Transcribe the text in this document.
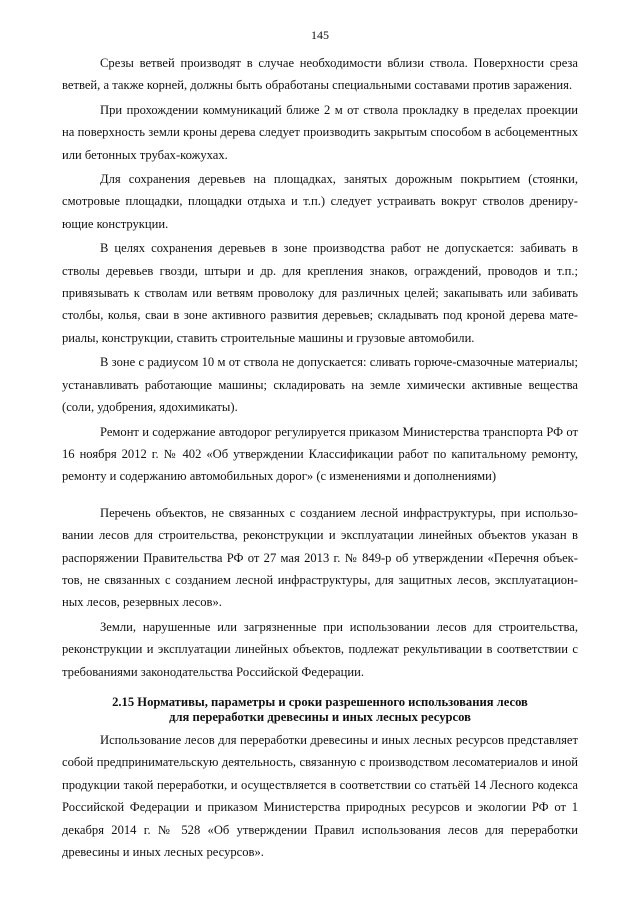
145

Срезы ветвей производят в случае необходимости вблизи ствола. Поверхности среза ветвей, а также корней, должны быть обработаны специальными составами против заражения.

При прохождении коммуникаций ближе 2 м от ствола прокладку в пределах проекции на поверхность земли кроны дерева следует производить закрытым способом в асбоцементных или бетонных трубах-кожухах.

Для сохранения деревьев на площадках, занятых дорожным покрытием (стоянки, смотровые площадки, площадки отдыха и т.п.) следует устраивать вокруг стволов дренирующие конструкции.

В целях сохранения деревьев в зоне производства работ не допускается: забивать в стволы деревьев гвозди, штыри и др. для крепления знаков, ограждений, проводов и т.п.; привязывать к стволам или ветвям проволоку для различных целей; закапывать или забивать столбы, колья, сваи в зоне активного развития деревьев; складывать под кроной дерева материалы, конструкции, ставить строительные машины и грузовые автомобили.

В зоне с радиусом 10 м от ствола не допускается: сливать горюче-смазочные материалы; устанавливать работающие машины; складировать на земле химически активные вещества (соли, удобрения, ядохимикаты).

Ремонт и содержание автодорог регулируется приказом Министерства транспорта РФ от 16 ноября 2012 г. № 402 «Об утверждении Классификации работ по капитальному ремонту, ремонту и содержанию автомобильных дорог» (с изменениями и дополнениями)

Перечень объектов, не связанных с созданием лесной инфраструктуры, при использовании лесов для строительства, реконструкции и эксплуатации линейных объектов указан в распоряжении Правительства РФ от 27 мая 2013 г. № 849-р об утверждении «Перечня объектов, не связанных с созданием лесной инфраструктуры, для защитных лесов, эксплуатационных лесов, резервных лесов».

Земли, нарушенные или загрязненные при использовании лесов для строительства, реконструкции и эксплуатации линейных объектов, подлежат рекультивации в соответствии с требованиями законодательства Российской Федерации.

2.15 Нормативы, параметры и сроки разрешенного использования лесов
для переработки древесины и иных лесных ресурсов

Использование лесов для переработки древесины и иных лесных ресурсов представляет собой предпринимательскую деятельность, связанную с производством лесоматериалов и иной продукции такой переработки, и осуществляется в соответствии со статьёй 14 Лесного кодекса Российской Федерации и приказом Министерства природных ресурсов и экологии РФ от 1 декабря 2014 г. № 528 «Об утверждении Правил использования лесов для переработки древесины и иных лесных ресурсов».
